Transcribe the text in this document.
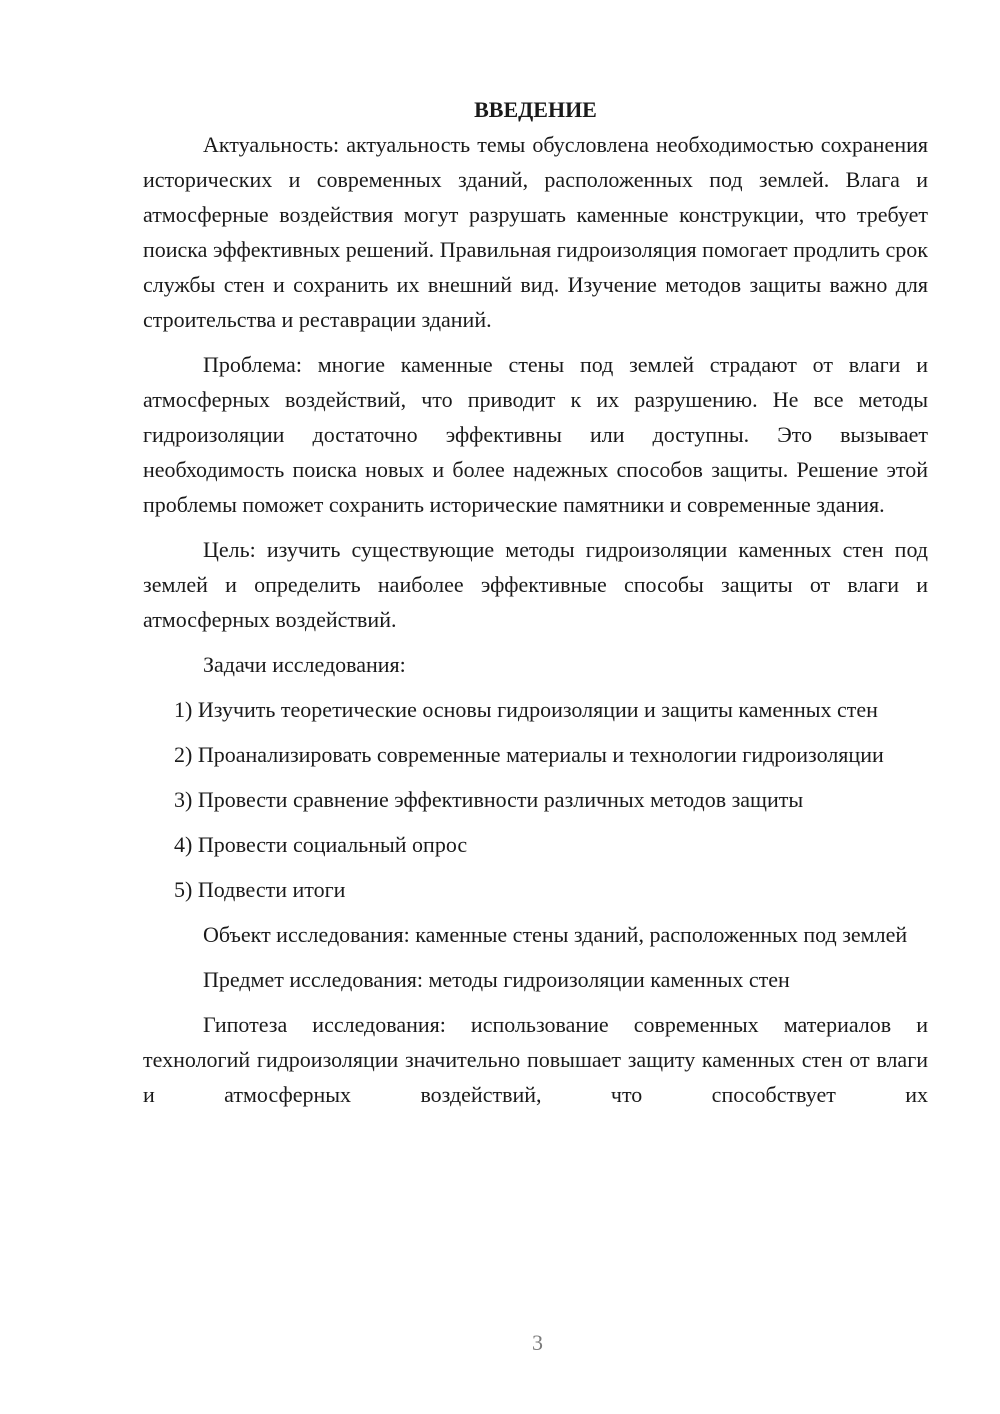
ВВЕДЕНИЕ

Актуальность: актуальность темы обусловлена необходимостью сохранения исторических и современных зданий, расположенных под землей. Влага и атмосферные воздействия могут разрушать каменные конструкции, что требует поиска эффективных решений. Правильная гидроизоляция помогает продлить срок службы стен и сохранить их внешний вид. Изучение методов защиты важно для строительства и реставрации зданий.

Проблема: многие каменные стены под землей страдают от влаги и атмосферных воздействий, что приводит к их разрушению. Не все методы гидроизоляции достаточно эффективны или доступны. Это вызывает необходимость поиска новых и более надежных способов защиты. Решение этой проблемы поможет сохранить исторические памятники и современные здания.

Цель: изучить существующие методы гидроизоляции каменных стен под землей и определить наиболее эффективные способы защиты от влаги и атмосферных воздействий.

Задачи исследования:

1) Изучить теоретические основы гидроизоляции и защиты каменных стен
2) Проанализировать современные материалы и технологии гидроизоляции
3) Провести сравнение эффективности различных методов защиты
4) Провести социальный опрос
5) Подвести итоги

Объект исследования: каменные стены зданий, расположенных под землей

Предмет исследования: методы гидроизоляции каменных стен

Гипотеза исследования: использование современных материалов и технологий гидроизоляции значительно повышает защиту каменных стен от влаги и атмосферных воздействий, что способствует их

3
